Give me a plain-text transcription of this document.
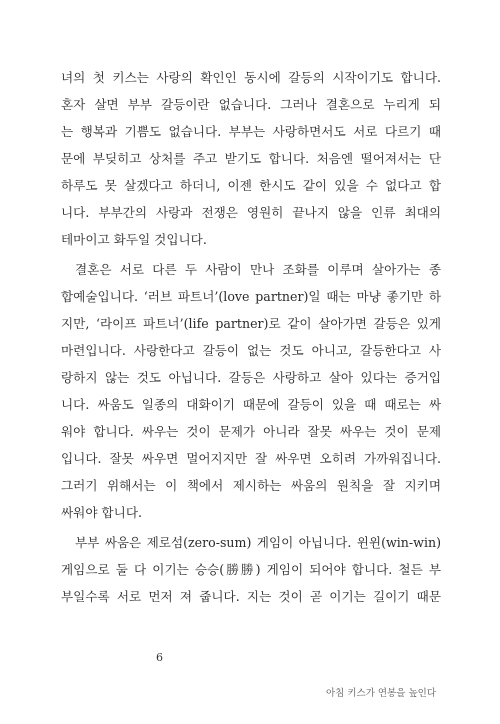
녀의 첫 키스는 사랑의 확인인 동시에 갈등의 시작이기도 합니다.
혼자 살면 부부 갈등이란 없습니다. 그러나 결혼으로 누리게 되
는 행복과 기쁨도 없습니다. 부부는 사랑하면서도 서로 다르기 때
문에 부딪히고 상처를 주고 받기도 합니다. 처음엔 떨어져서는 단
하루도 못 살겠다고 하더니, 이젠 한시도 같이 있을 수 없다고 합
니다. 부부간의 사랑과 전쟁은 영원히 끝나지 않을 인류 최대의
테마이고 화두일 것입니다.
결혼은 서로 다른 두 사람이 만나 조화를 이루며 살아가는 종
합예술입니다. ‘러브 파트너’(love partner)일 때는 마냥 좋기만 하
지만, ‘라이프 파트너’(life partner)로 같이 살아가면 갈등은 있게
마련입니다. 사랑한다고 갈등이 없는 것도 아니고, 갈등한다고 사
랑하지 않는 것도 아닙니다. 갈등은 사랑하고 살아 있다는 증거입
니다. 싸움도 일종의 대화이기 때문에 갈등이 있을 때 때로는 싸
워야 합니다. 싸우는 것이 문제가 아니라 잘못 싸우는 것이 문제
입니다. 잘못 싸우면 멀어지지만 잘 싸우면 오히려 가까워집니다.
그러기 위해서는 이 책에서 제시하는 싸움의 원칙을 잘 지키며
싸워야 합니다.
부부 싸움은 제로섬(zero-sum) 게임이 아닙니다. 윈윈(win-win)
게임으로 둘 다 이기는 승승(勝勝) 게임이 되어야 합니다. 철든 부
부일수록 서로 먼저 져 줍니다. 지는 것이 곧 이기는 길이기 때문
6
아침 키스가 연봉을 높인다
